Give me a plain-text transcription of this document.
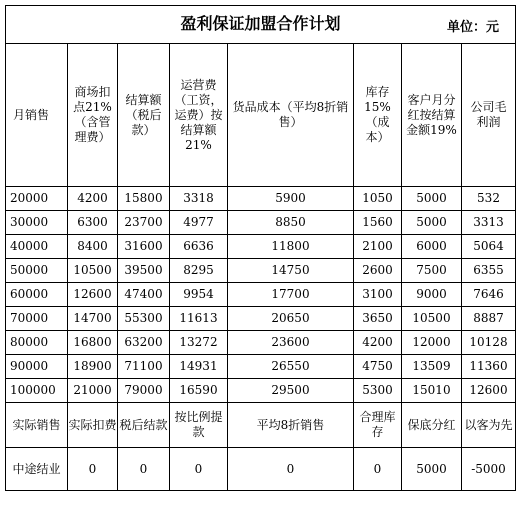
盈利保证加盟合作计划 单位：元							

月销售	商场扣点21%（含管理费）	结算额（税后款）	运营费（工资，运费）按结算额21%	货品成本（平均8折销售）	库存15%（成本）	客户月分红按结算金额19%	公司毛利润

20000	4200	15800	3318	5900	1050	5000	532
30000	6300	23700	4977	8850	1560	5000	3313
40000	8400	31600	6636	11800	2100	6000	5064
50000	10500	39500	8295	14750	2600	7500	6355
60000	12600	47400	9954	17700	3100	9000	7646
70000	14700	55300	11613	20650	3650	10500	8887
80000	16800	63200	13272	23600	4200	12000	10128
90000	18900	71100	14931	26550	4750	13509	11360
100000	21000	79000	16590	29500	5300	15010	12600
实际销售	实际扣费	税后结款	按比例提款	平均8折销售	合理库存	保底分红	以客为先
中途结业	0	0	0	0	0	5000	-5000
